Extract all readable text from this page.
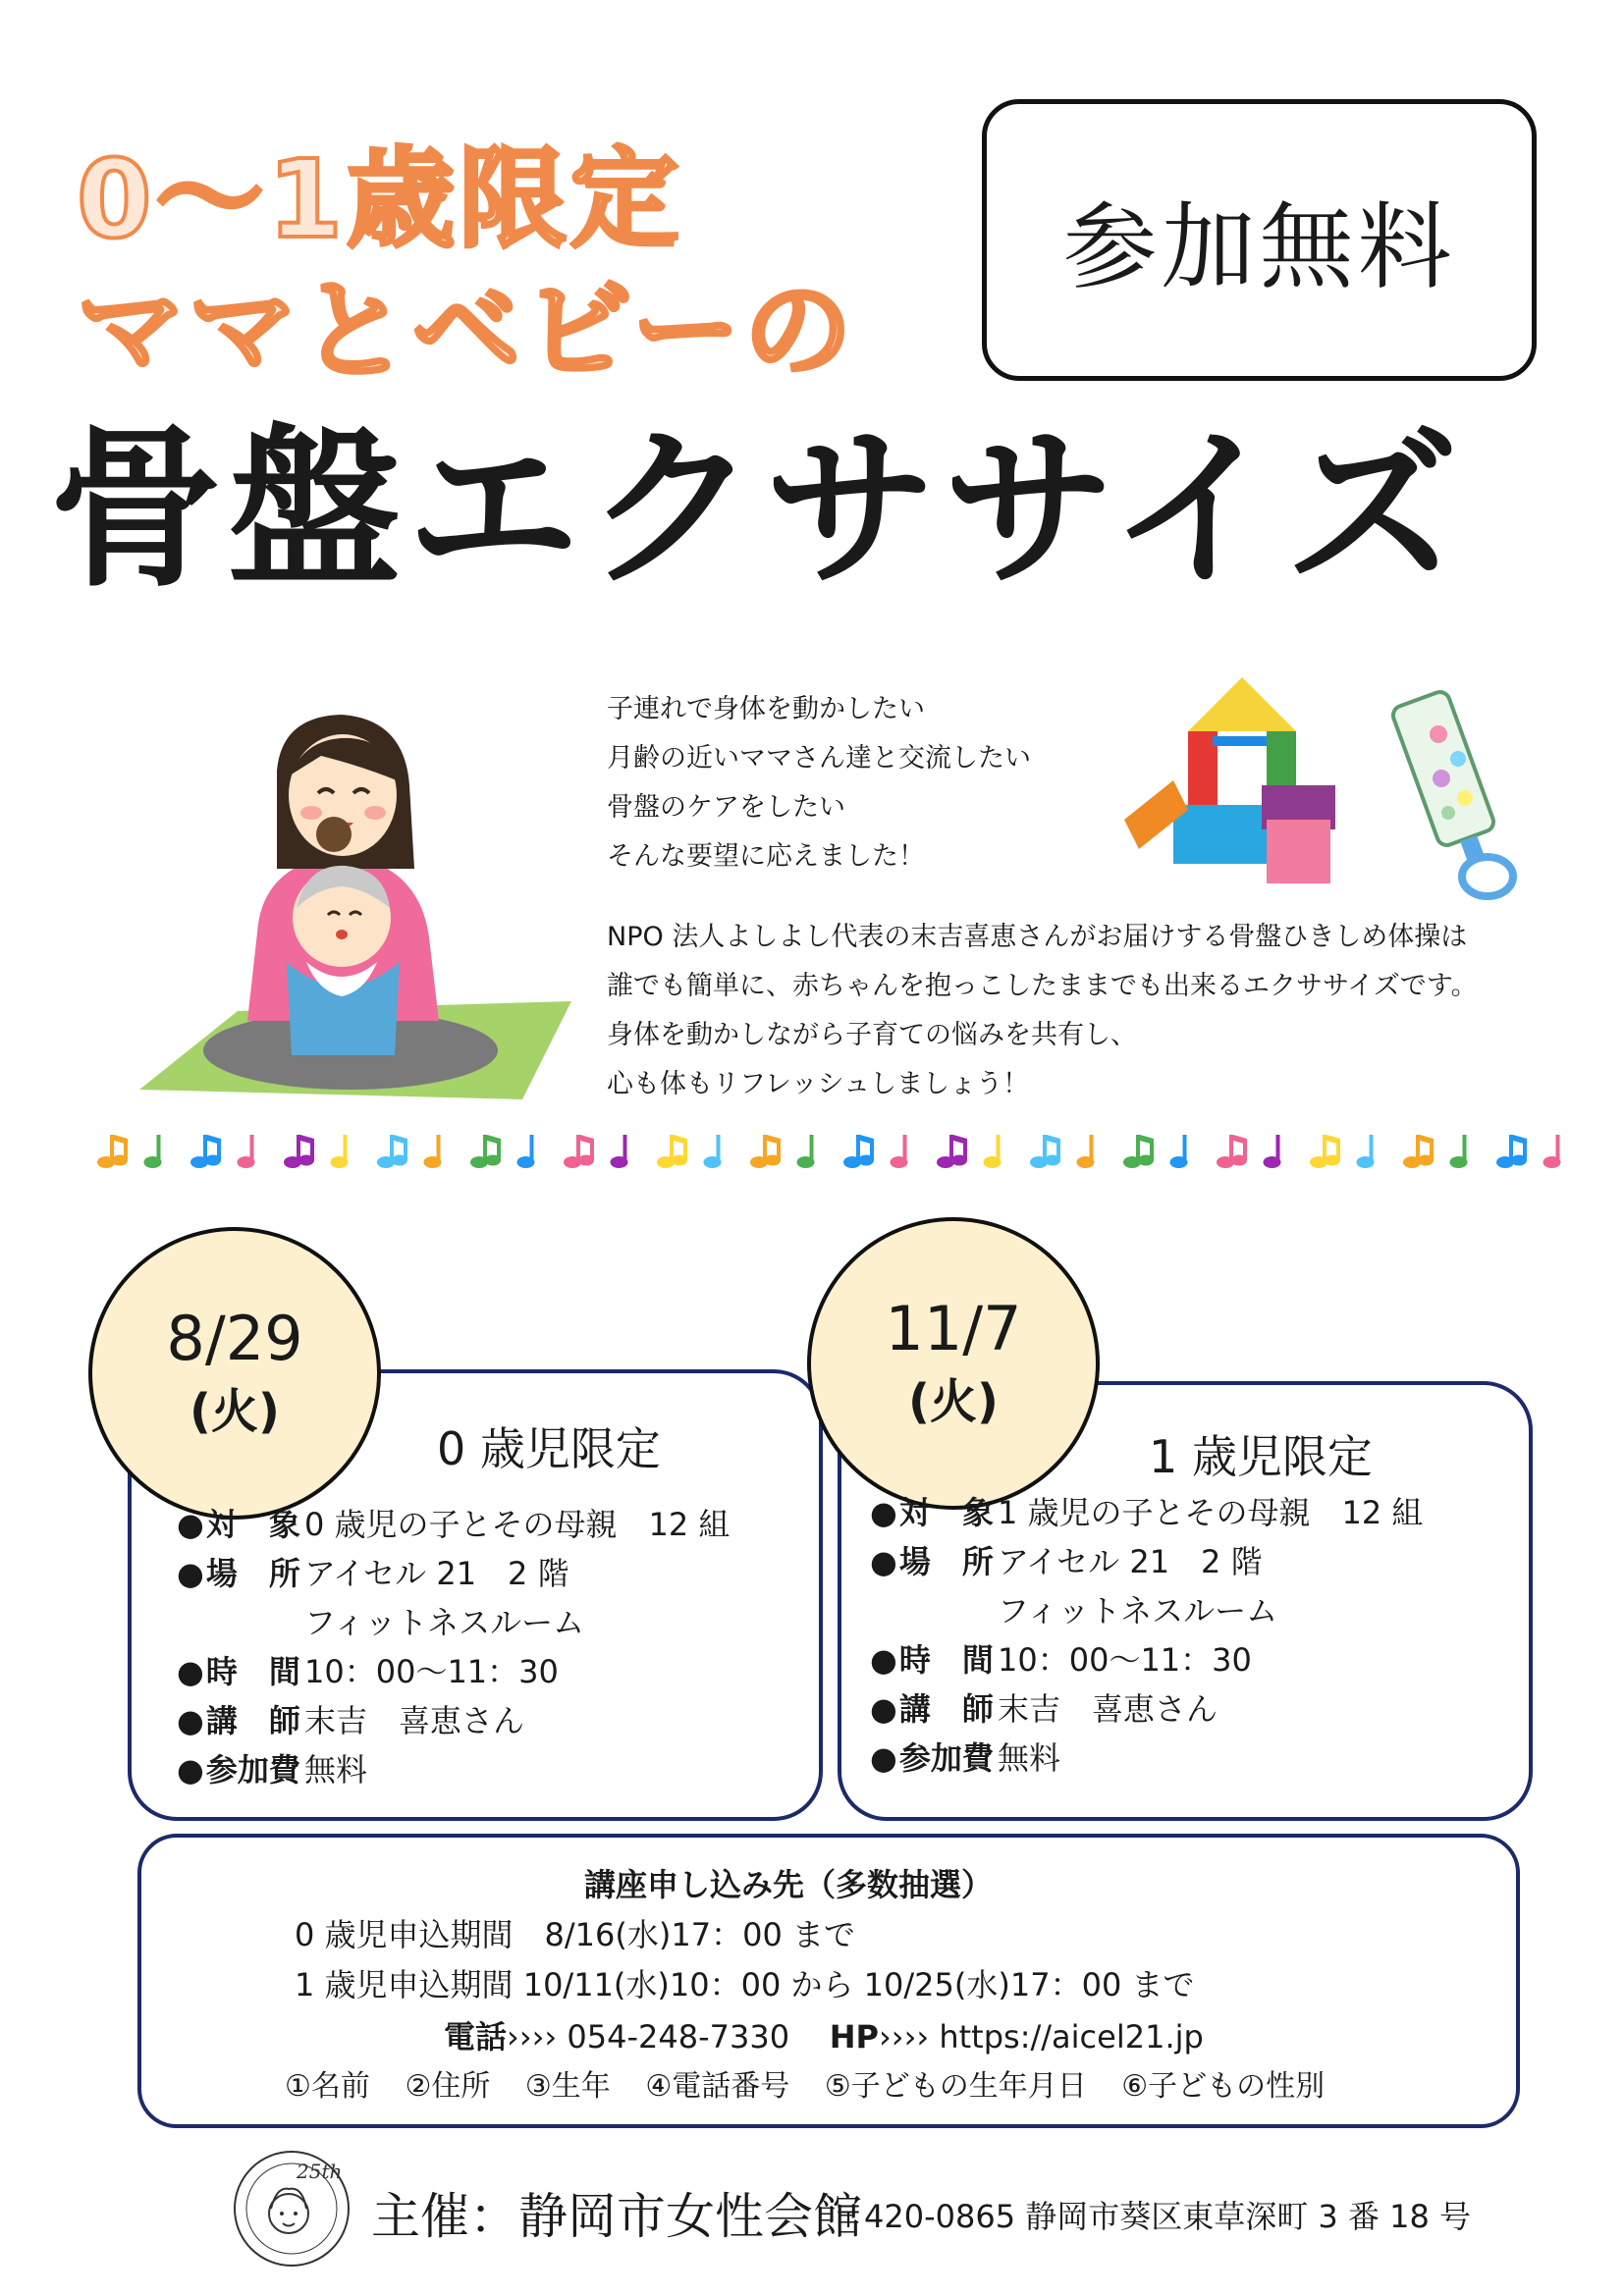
0～1歳限定
ママとベビーの
参加無料
骨盤エクササイズ
8/29
(火)
0 歳児限定
●対　象 0 歳児の子とその母親　12 組
●場　所 アイセル 21　2 階
フィットネスルーム
●時　間 10：00～11：30
●講　師 末吉　喜恵さん
●参加費 無料
11/7
(火)
1 歳児限定
●対　象 1 歳児の子とその母親　12 組
●場　所 アイセル 21　2 階
フィットネスルーム
●時　間 10：00～11：30
●講　師 末吉　喜恵さん
●参加費 無料
子連れで身体を動かしたい
月齢の近いママさん達と交流したい
骨盤のケアをしたい
そんな要望に応えました！
NPO 法人よしよし代表の末吉喜恵さんがお届けする骨盤ひきしめ体操は
誰でも簡単に、赤ちゃんを抱っこしたままでも出来るエクササイズです。
身体を動かしながら子育ての悩みを共有し、
心も体もリフレッシュしましょう！
講座申し込み先（多数抽選）
0 歳児申込期間　8/16(水)17：00 まで
1 歳児申込期間 10/11(水)10：00 から 10/25(水)17：00 まで
電話›››› 054-248-7330 HP›››› https://aicel21.jp
①名前 ②住所 ③生年 ④電話番号 ⑤子どもの生年月日 ⑥子どもの性別
25th
主催：静岡市女性会館
〒420-0865 静岡市葵区東草深町 3 番 18 号
